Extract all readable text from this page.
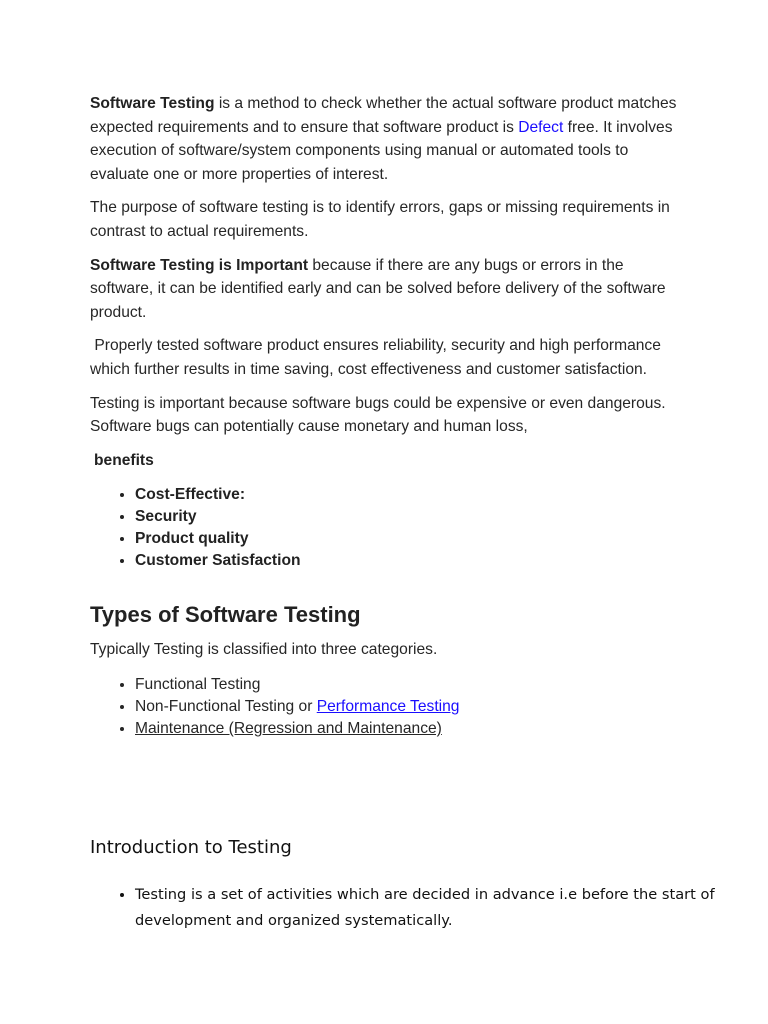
Software Testing is a method to check whether the actual software product matches expected requirements and to ensure that software product is Defect free. It involves execution of software/system components using manual or automated tools to evaluate one or more properties of interest.

The purpose of software testing is to identify errors, gaps or missing requirements in contrast to actual requirements.

Software Testing is Important because if there are any bugs or errors in the software, it can be identified early and can be solved before delivery of the software product.

Properly tested software product ensures reliability, security and high performance which further results in time saving, cost effectiveness and customer satisfaction.

Testing is important because software bugs could be expensive or even dangerous. Software bugs can potentially cause monetary and human loss,

benefits
• Cost-Effective:
• Security
• Product quality
• Customer Satisfaction
Types of Software Testing

Typically Testing is classified into three categories.

• Functional Testing
• Non-Functional Testing or Performance Testing
• Maintenance (Regression and Maintenance)
Introduction to Testing
• Testing is a set of activities which are decided in advance i.e before the start of development and organized systematically.
